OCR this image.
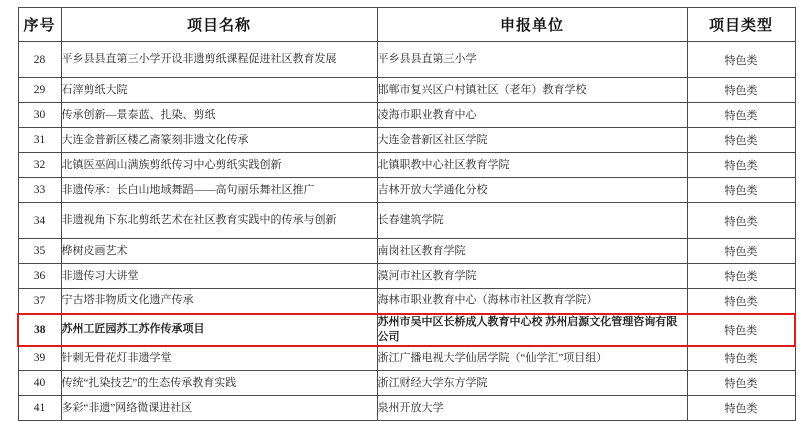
序号	项目名称	申报单位	项目类型
28	平乡县县直第三小学开设非遗剪纸课程促进社区教育发展	平乡县县直第三小学	特色类
29	石滓剪纸大院	邯郸市复兴区户村镇社区（老年）教育学校	特色类
30	传承创新—景泰蓝、扎染、剪纸	凌海市职业教育中心	特色类
31	大连金普新区楼乙斋篆刻非遗文化传承	大连金普新区社区学院	特色类
32	北镇医巫闾山满族剪纸传习中心剪纸实践创新	北镇职教中心社区教育学院	特色类
33	非遗传承：长白山地域舞蹈——高句丽乐舞社区推广	吉林开放大学通化分校	特色类
34	非遗视角下东北剪纸艺术在社区教育实践中的传承与创新	长春建筑学院	特色类
35	桦树皮画艺术	南岗社区教育学院	特色类
36	非遗传习大讲堂	漠河市社区教育学院	特色类
37	宁古塔非物质文化遗产传承	海林市职业教育中心（海林市社区教育学院）	特色类
38	苏州工匠园苏工苏作传承项目	苏州市吴中区长桥成人教育中心校 苏州启源文化管理咨询有限公司	特色类
39	针刺无骨花灯非遗学堂	浙江广播电视大学仙居学院（“仙学汇”项目组）	特色类
40	传统“扎染技艺”的生态传承教育实践	浙江财经大学东方学院	特色类
41	多彩“非遗”网络微课进社区	泉州开放大学	特色类
